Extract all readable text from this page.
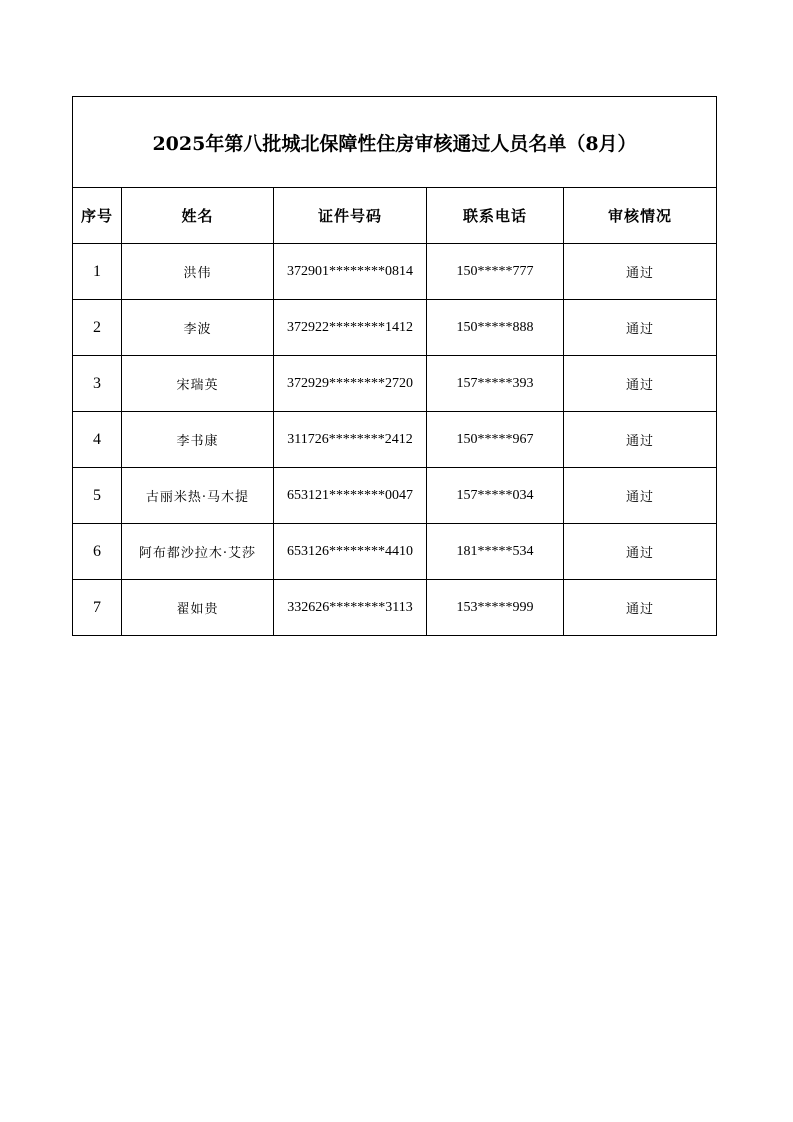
2025年第八批城北保障性住房审核通过人员名单（8月）				
序号	姓名	证件号码	联系电话	审核情况
1	洪伟	372901********0814	150*****777	通过
2	李波	372922********1412	150*****888	通过
3	宋瑞英	372929********2720	157*****393	通过
4	李书康	311726********2412	150*****967	通过
5	古丽米热·马木提	653121********0047	157*****034	通过
6	阿布都沙拉木·艾莎	653126********4410	181*****534	通过
7	翟如贵	332626********3113	153*****999	通过
